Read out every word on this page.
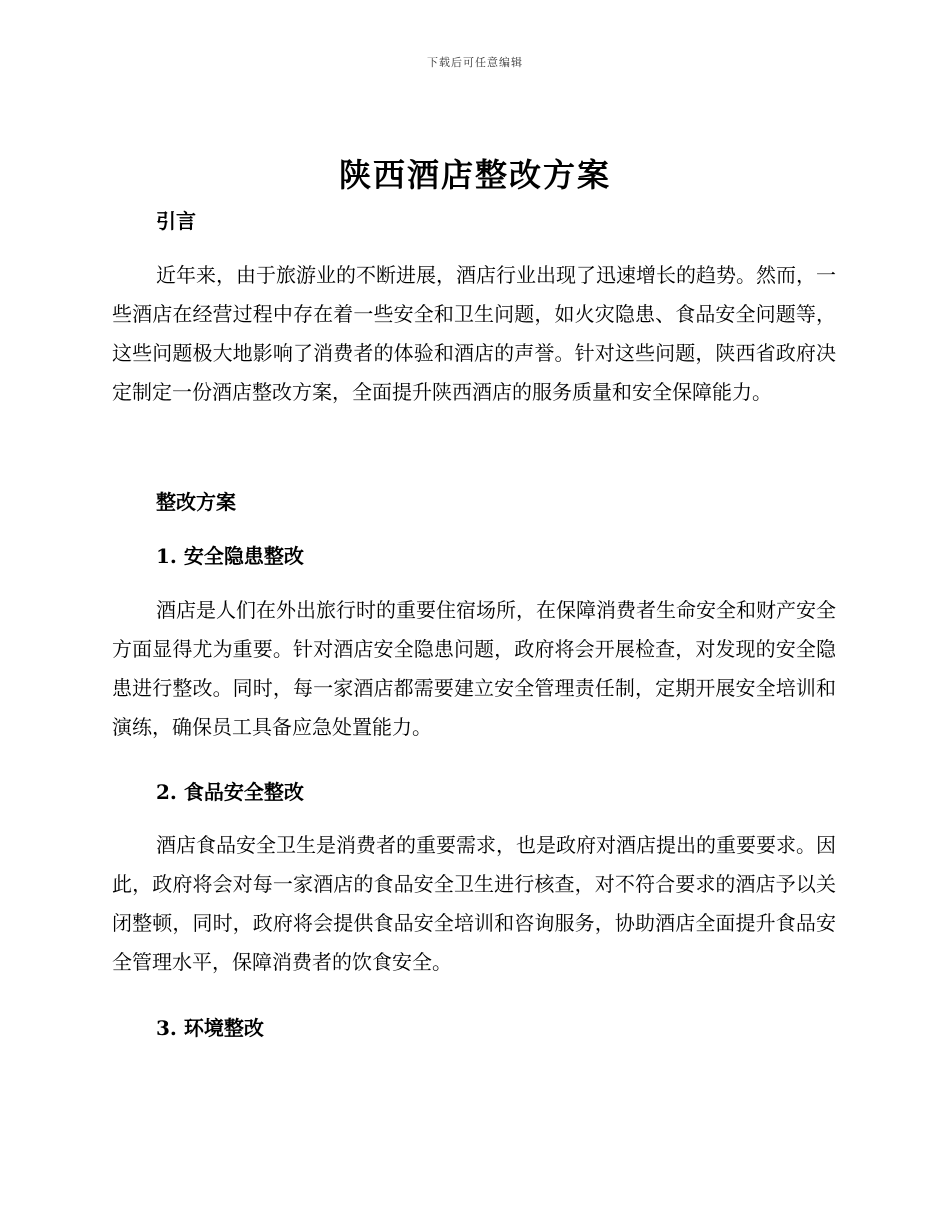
下载后可任意编辑
陕西酒店整改方案
引言

近年来，由于旅游业的不断进展，酒店行业出现了迅速增长的趋势。然而，一些酒店在经营过程中存在着一些安全和卫生问题，如火灾隐患、食品安全问题等，这些问题极大地影响了消费者的体验和酒店的声誉。针对这些问题，陕西省政府决定制定一份酒店整改方案，全面提升陕西酒店的服务质量和安全保障能力。

整改方案
1. 安全隐患整改

酒店是人们在外出旅行时的重要住宿场所，在保障消费者生命安全和财产安全方面显得尤为重要。针对酒店安全隐患问题，政府将会开展检查，对发现的安全隐患进行整改。同时，每一家酒店都需要建立安全管理责任制，定期开展安全培训和演练，确保员工具备应急处置能力。

2. 食品安全整改

酒店食品安全卫生是消费者的重要需求，也是政府对酒店提出的重要要求。因此，政府将会对每一家酒店的食品安全卫生进行核查，对不符合要求的酒店予以关闭整顿，同时，政府将会提供食品安全培训和咨询服务，协助酒店全面提升食品安全管理水平，保障消费者的饮食安全。

3. 环境整改
